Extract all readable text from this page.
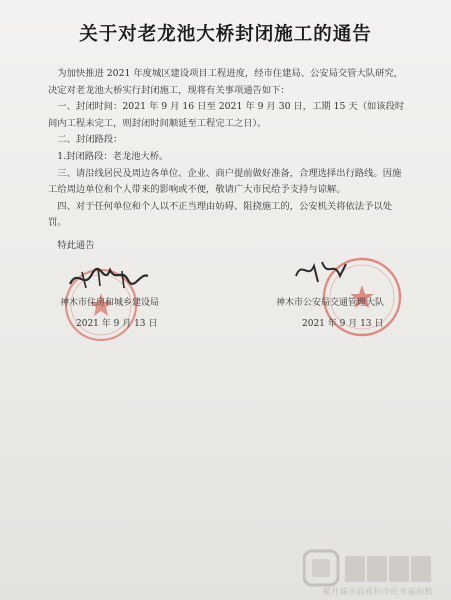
关于对老龙池大桥封闭施工的通告

为加快推进 2021 年度城区建设项目工程进度，经市住建局、公安局交管大队研究，决定对老龙池大桥实行封闭施工，现将有关事项通告如下：

一、封闭时间：2021 年 9 月 16 日至 2021 年 9 月 30 日，工期 15 天（如该段时间内工程未完工，则封闭时间顺延至工程完工之日）。

二、封闭路段：

1.封闭路段：老龙池大桥。

三、请沿线居民及周边各单位、企业、商户提前做好准备，合理选择出行路线。因施工给周边单位和个人带来的影响或不便，敬请广大市民给予支持与谅解。

四、对于任何单位和个人以不正当理由妨碍、阻挠施工的，公安机关将依法予以处罚。

特此通告

神木市住房和城乡建设局
2021 年 9 月 13 日
神木市公安局交通管理大队
2021 年 9 月 13 日
提升城市品质和市民幸福指数
